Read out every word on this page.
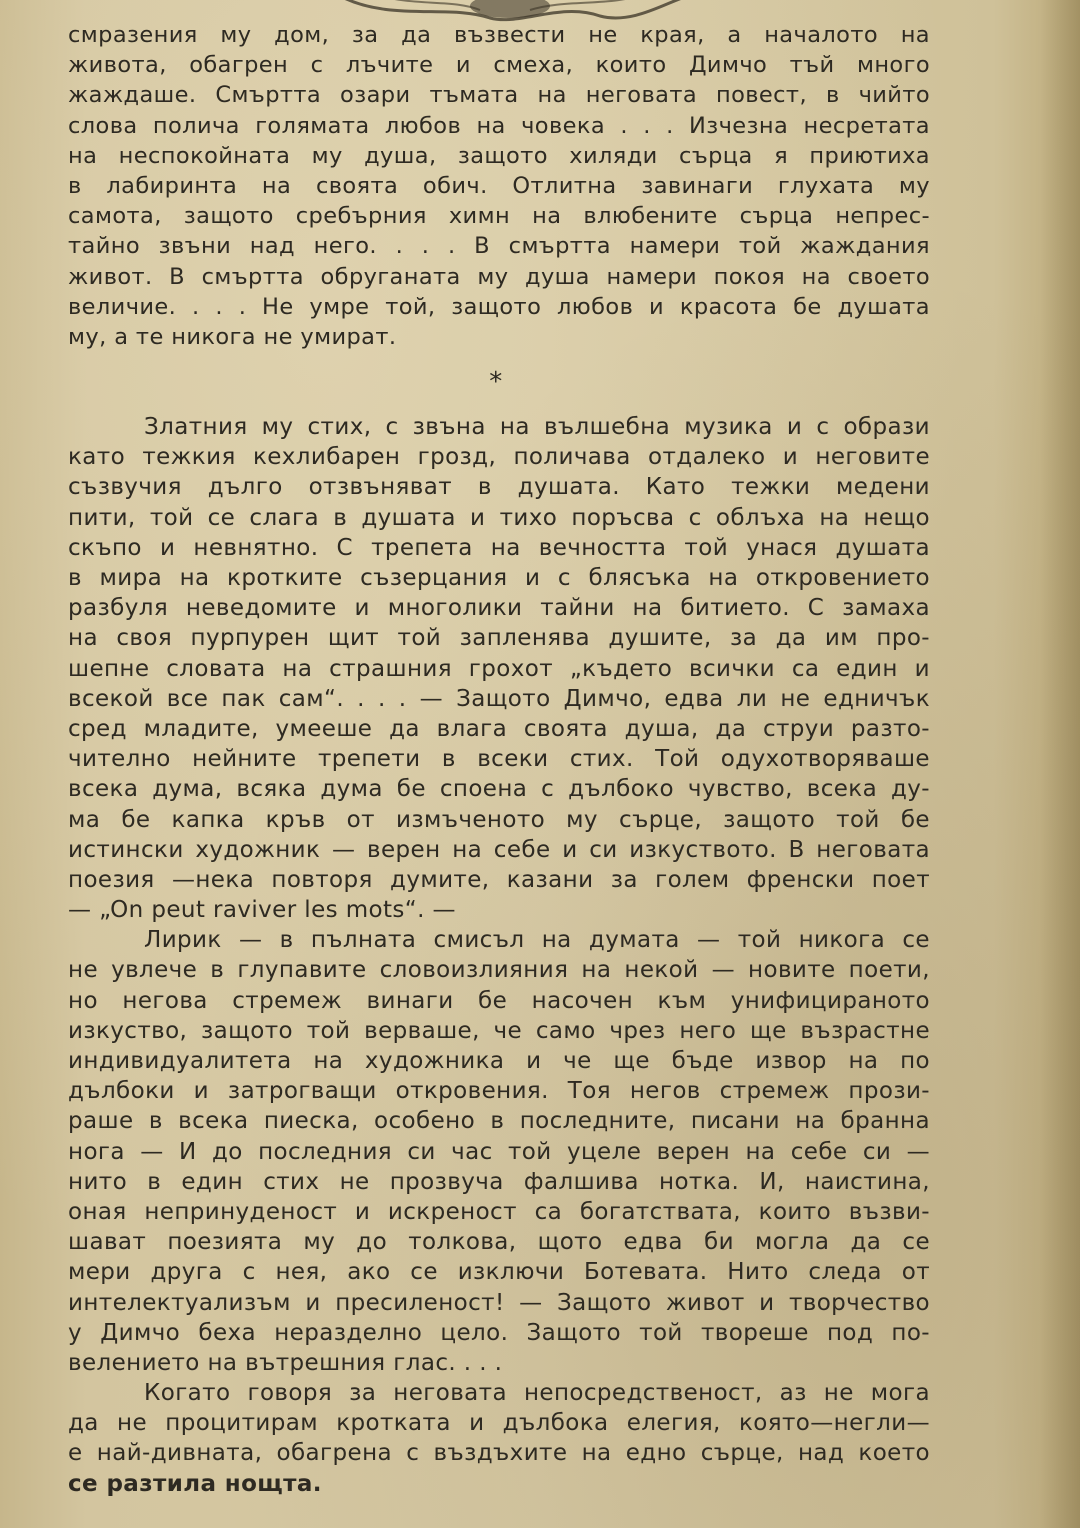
смразения му дом, за да възвести не края, а началото на
живота, обагрен с лъчите и смеха, които Димчо тъй много
жаждаше. Смъртта озари тъмата на неговата повест, в чийто
слова полича голямата любов на човека . . . Изчезна несретата
на неспокойната му душа, защото хиляди сърца я приютиха
в лабиринта на своята обич. Отлитна завинаги глухата му
самота, защото сребърния химн на влюбените сърца непрес-
тайно звъни над него. . . . В смъртта намери той жаждания
живот. В смъртта обруганата му душа намери покоя на своето
величие. . . . Не умре той, защото любов и красота бе душата
му, а те никога не умират.
*
Златния му стих, с звъна на вълшебна музика и с образи
като тежкия кехлибарен грозд, поличава отдалеко и неговите
съзвучия дълго отзвъняват в душата. Като тежки медени
пити, той се слага в душата и тихо поръсва с облъха на нещо
скъпо и невнятно. С трепета на вечността той унася душата
в мира на кротките съзерцания и с блясъка на откровението
разбуля неведомите и многолики тайни на битието. С замаха
на своя пурпурен щит той запленява душите, за да им про-
шепне словата на страшния грохот „където всички са един и
всекой все пак сам“. . . . — Защото Димчо, едва ли не едничък
сред младите, умееше да влага своята душа, да струи разто-
чително нейните трепети в всеки стих. Той одухотворяваше
всека дума, всяка дума бе споена с дълбоко чувство, всека ду-
ма бе капка кръв от измъченото му сърце, защото той бе
истински художник — верен на себе и си изкуството. В неговата
поезия —нека повторя думите, казани за голем френски поет
— „On peut raviver les mots“. —
Лирик — в пълната смисъл на думата — той никога се
не увлече в глупавите словоизлияния на некой — новите поети,
но негова стремеж винаги бе насочен към унифицираното
изкуство, защото той верваше, че само чрез него ще възрастне
индивидуалитета на художника и че ще бъде извор на по
дълбоки и затрогващи откровения. Тоя негов стремеж прози-
раше в всека пиеска, особено в последните, писани на бранна
нога — И до последния си час той уцеле верен на себе си —
нито в един стих не прозвуча фалшива нотка. И, наистина,
оная непринуденост и искреност са богатствата, които възви-
шават поезията му до толкова, щото едва би могла да се
мери друга с нея, ако се изключи Ботевата. Нито следа от
интелектуализъм и пресиленост! — Защото живот и творчество
у Димчо беха неразделно цело. Защото той твореше под по-
велението на вътрешния глас. . . .
Когато говоря за неговата непосредственост, аз не мога
да не процитирам кротката и дълбока елегия, която—негли—
е най-дивната, обагрена с въздъхите на едно сърце, над което
се разтила нощта.
